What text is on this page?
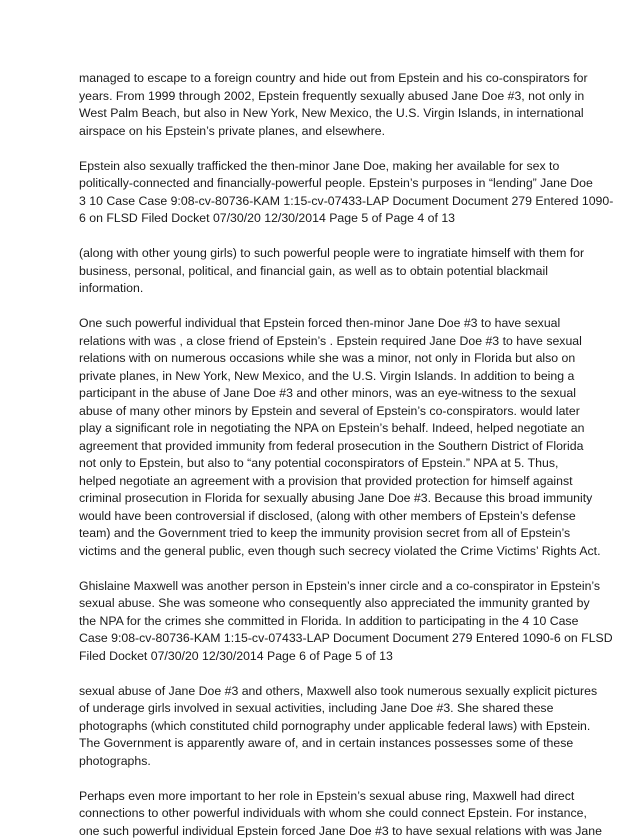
managed to escape to a foreign country and hide out from Epstein and his co-conspirators for
years. From 1999 through 2002, Epstein frequently sexually abused Jane Doe #3, not only in
West Palm Beach, but also in New York, New Mexico, the U.S. Virgin Islands, in international
airspace on his Epstein’s private planes, and elsewhere.
Epstein also sexually trafficked the then-minor Jane Doe, making her available for sex to
politically-connected and financially-powerful people. Epstein’s purposes in “lending” Jane Doe
3 10 Case Case 9:08-cv-80736-KAM 1:15-cv-07433-LAP Document Document 279 Entered 1090-
6 on FLSD Filed Docket 07/30/20 12/30/2014 Page 5 of Page 4 of 13
(along with other young girls) to such powerful people were to ingratiate himself with them for
business, personal, political, and financial gain, as well as to obtain potential blackmail
information.
One such powerful individual that Epstein forced then-minor Jane Doe #3 to have sexual
relations with was , a close friend of Epstein’s . Epstein required Jane Doe #3 to have sexual
relations with on numerous occasions while she was a minor, not only in Florida but also on
private planes, in New York, New Mexico, and the U.S. Virgin Islands. In addition to being a
participant in the abuse of Jane Doe #3 and other minors, was an eye-witness to the sexual
abuse of many other minors by Epstein and several of Epstein’s co-conspirators. would later
play a significant role in negotiating the NPA on Epstein’s behalf. Indeed, helped negotiate an
agreement that provided immunity from federal prosecution in the Southern District of Florida
not only to Epstein, but also to “any potential coconspirators of Epstein.” NPA at 5. Thus,
helped negotiate an agreement with a provision that provided protection for himself against
criminal prosecution in Florida for sexually abusing Jane Doe #3. Because this broad immunity
would have been controversial if disclosed, (along with other members of Epstein’s defense
team) and the Government tried to keep the immunity provision secret from all of Epstein’s
victims and the general public, even though such secrecy violated the Crime Victims’ Rights Act.
Ghislaine Maxwell was another person in Epstein’s inner circle and a co-conspirator in Epstein’s
sexual abuse. She was someone who consequently also appreciated the immunity granted by
the NPA for the crimes she committed in Florida. In addition to participating in the 4 10 Case
Case 9:08-cv-80736-KAM 1:15-cv-07433-LAP Document Document 279 Entered 1090-6 on FLSD
Filed Docket 07/30/20 12/30/2014 Page 6 of Page 5 of 13
sexual abuse of Jane Doe #3 and others, Maxwell also took numerous sexually explicit pictures
of underage girls involved in sexual activities, including Jane Doe #3. She shared these
photographs (which constituted child pornography under applicable federal laws) with Epstein.
The Government is apparently aware of, and in certain instances possesses some of these
photographs.
Perhaps even more important to her role in Epstein’s sexual abuse ring, Maxwell had direct
connections to other powerful individuals with whom she could connect Epstein. For instance,
one such powerful individual Epstein forced Jane Doe #3 to have sexual relations with was Jane
